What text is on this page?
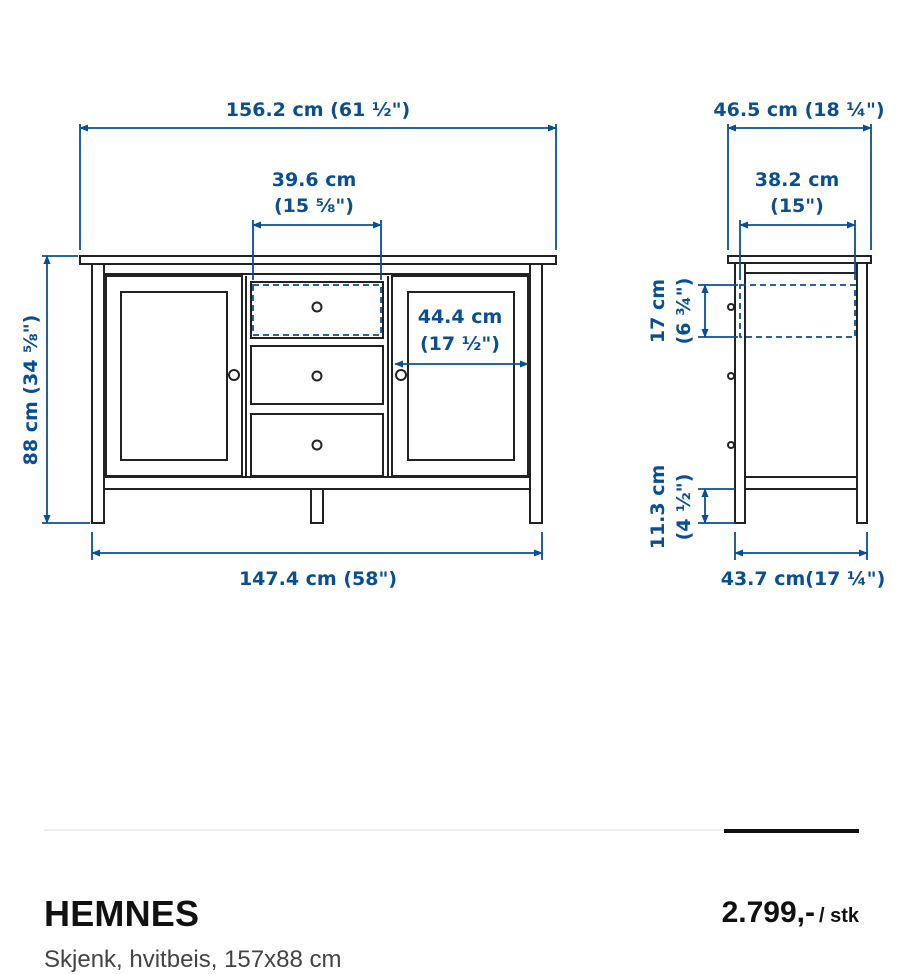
156.2 cm (61 ½")
39.6 cm
(15 ⅝")
44.4 cm
(17 ½")
88 cm (34 ⅝")
147.4 cm (58")
46.5 cm (18 ¼")
38.2 cm
(15")
17 cm (6 ¾")
11.3 cm (4 ½")
43.7 cm(17 ¼")
HEMNES	2.799,- / stk
Skjenk, hvitbeis, 157x88 cm
